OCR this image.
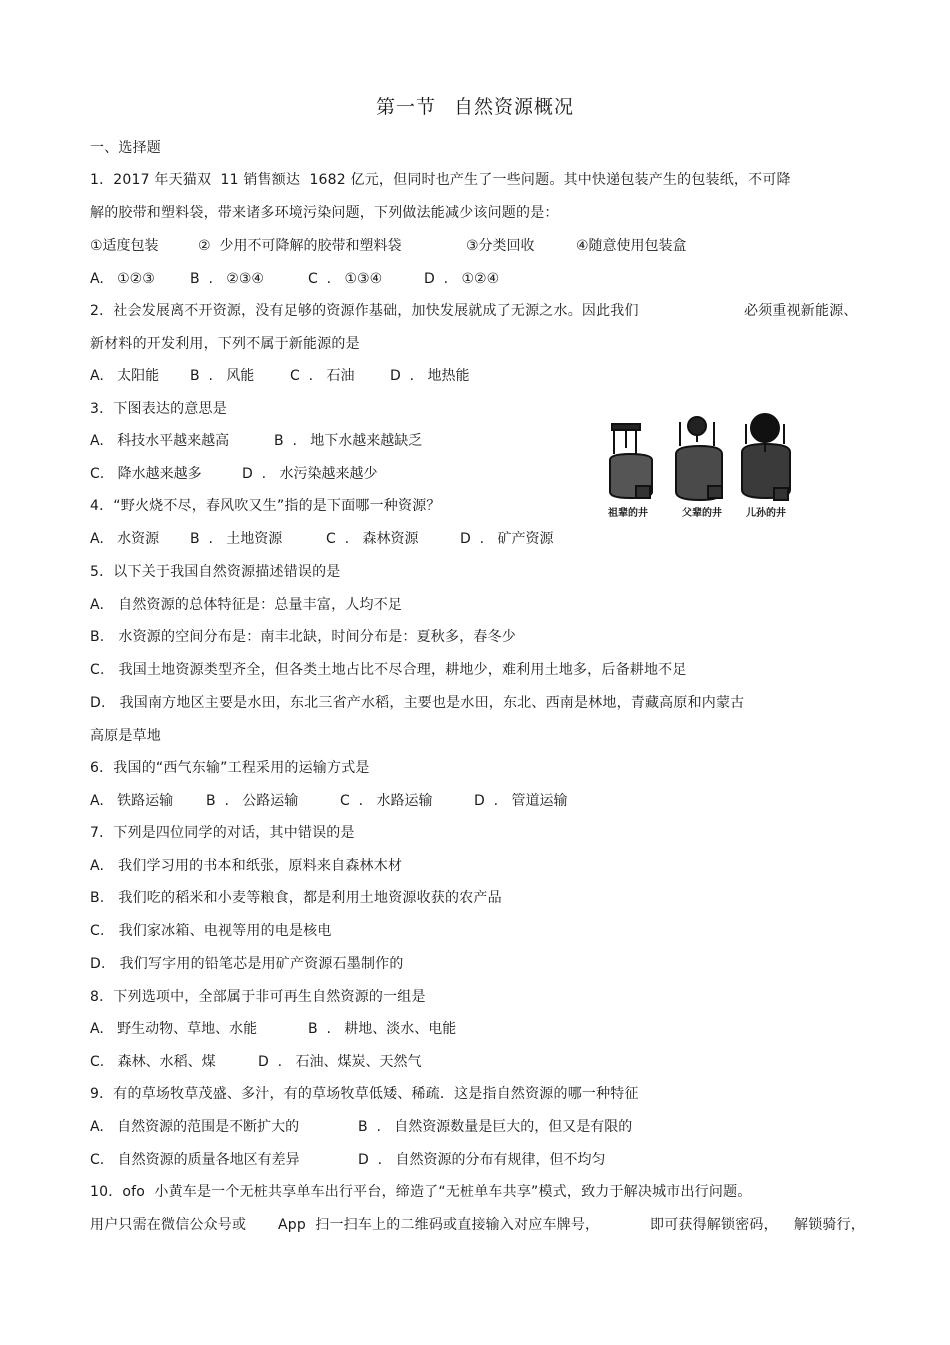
第一节 自然资源概况
一、选择题
1．2017 年天猫双  11 销售额达  1682 亿元，但同时也产生了一些问题。其中快递包装产生的包装纸，不可降
解的胶带和塑料袋，带来诸多环境污染问题，下列做法能减少该问题的是：
①适度包装	②  少用不可降解的胶带和塑料袋	③分类回收	④随意使用包装盒
A.   ①②③	B  .   ②③④	C  .   ①③④	D  .   ①②④
2．社会发展离不开资源，没有足够的资源作基础，加快发展就成了无源之水。因此我们	必须重视新能源、
新材料的开发利用，下列不属于新能源的是
A.   太阳能 B  .   风能	C  .   石油	D  .   地热能
3．下图表达的意思是
A.   科技水平越来越高	B  .   地下水越来越缺乏
C.   降水越来越多	D  .   水污染越来越少
祖辈的井	父辈的井 儿孙的井
4．“野火烧不尽，春风吹又生”指的是下面哪一种资源？
A.   水资源 B  .   土地资源	C  .   森林资源	D  .   矿产资源
5．以下关于我国自然资源描述错误的是
A.   自然资源的总体特征是：总量丰富，人均不足
B.   水资源的空间分布是：南丰北缺，时间分布是：夏秋多，春冬少
C.   我国土地资源类型齐全，但各类土地占比不尽合理，耕地少，难利用土地多，后备耕地不足
D.   我国南方地区主要是水田，东北三省产水稻，主要也是水田，东北、西南是林地，青藏高原和内蒙古
高原是草地
6．我国的“西气东输”工程采用的运输方式是
A.   铁路运输 B  .   公路运输	C  .   水路运输	D  .   管道运输
7．下列是四位同学的对话，其中错误的是
A.   我们学习用的书本和纸张，原料来自森林木材
B.   我们吃的稻米和小麦等粮食，都是利用土地资源收获的农产品
C.   我们家冰箱、电视等用的电是核电
D.   我们写字用的铅笔芯是用矿产资源石墨制作的
8．下列选项中，全部属于非可再生自然资源的一组是
A.   野生动物、草地、水能	B  .   耕地、淡水、电能
C.   森林、水稻、煤	D  .   石油、煤炭、天然气
9．有的草场牧草茂盛、多汁，有的草场牧草低矮、稀疏．这是指自然资源的哪一种特征
A.   自然资源的范围是不断扩大的	B  .   自然资源数量是巨大的，但又是有限的
C.   自然资源的质量各地区有差异	D  .   自然资源的分布有规律，但不均匀
10．ofo  小黄车是一个无桩共享单车出行平台，缔造了“无桩单车共享”模式，致力于解决城市出行问题。
用户只需在微信公众号或 App  扫一扫车上的二维码或直接输入对应车牌号，	即可获得解锁密码， 解锁骑行，
